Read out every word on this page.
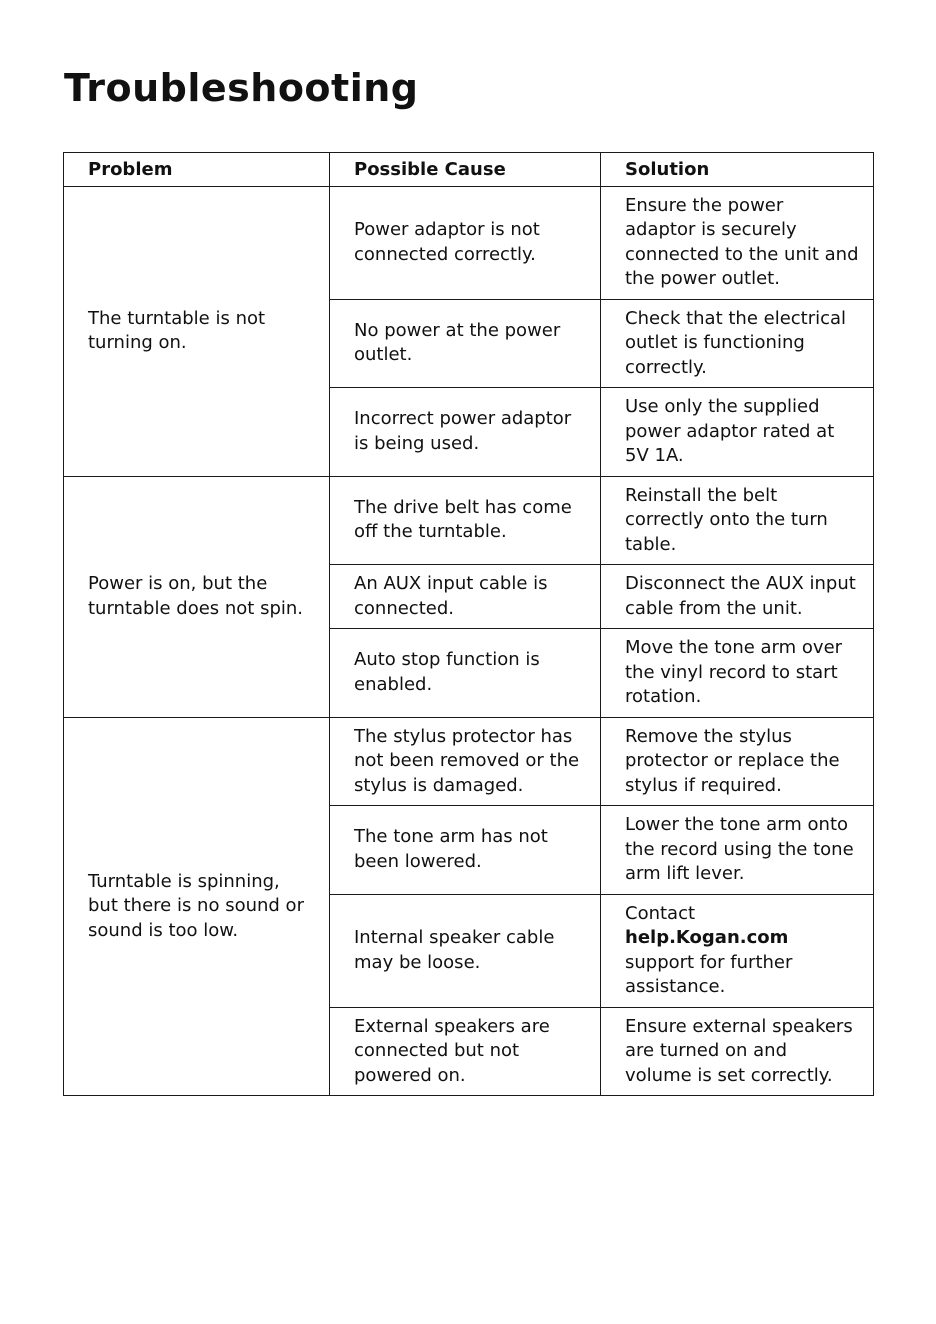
Troubleshooting
Problem	Possible Cause	Solution
The turntable is not turning on.	Power adaptor is not connected correctly.	Ensure the power adaptor is securely connected to the unit and the power outlet.
	No power at the power outlet.	Check that the electrical outlet is functioning correctly.
	Incorrect power adaptor is being used.	Use only the supplied power adaptor rated at 5V 1A.
Power is on, but the turntable does not spin.	The drive belt has come off the turntable.	Reinstall the belt correctly onto the turn table.
	An AUX input cable is connected.	Disconnect the AUX input cable from the unit.
	Auto stop function is enabled.	Move the tone arm over the vinyl record to start rotation.
Turntable is spinning, but there is no sound or sound is too low.	The stylus protector has not been removed or the stylus is damaged.	Remove the stylus protector or replace the stylus if required.
	The tone arm has not been lowered.	Lower the tone arm onto the record using the tone arm lift lever.
	Internal speaker cable may be loose.	Contact help.Kogan.com support for further assistance.
	External speakers are connected but not powered on.	Ensure external speakers are turned on and volume is set correctly.
